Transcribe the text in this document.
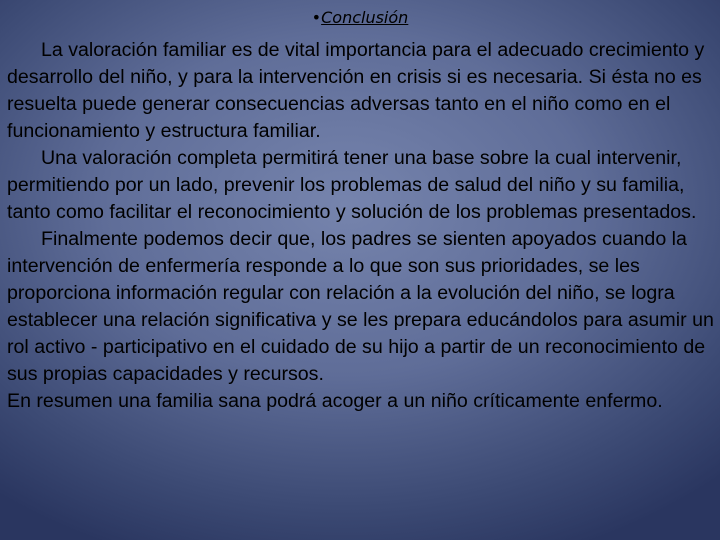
•Conclusión

La valoración familiar es de vital importancia para el adecuado crecimiento y desarrollo del niño, y para la intervención en crisis si es necesaria. Si ésta no es resuelta puede generar consecuencias adversas tanto en el niño como en el funcionamiento y estructura familiar.

Una valoración completa permitirá tener una base sobre la cual intervenir, permitiendo por un lado, prevenir los problemas de salud del niño y su familia, tanto como facilitar el reconocimiento y solución de los problemas presentados.

Finalmente podemos decir que, los padres se sienten apoyados cuando la intervención de enfermería responde a lo que son sus prioridades, se les proporciona información regular con relación a la evolución del niño, se logra establecer una relación significativa y se les prepara educándolos para asumir un rol activo - participativo en el cuidado de su hijo a partir de un reconocimiento de sus propias capacidades y recursos.

En resumen una familia sana podrá acoger a un niño críticamente enfermo.
